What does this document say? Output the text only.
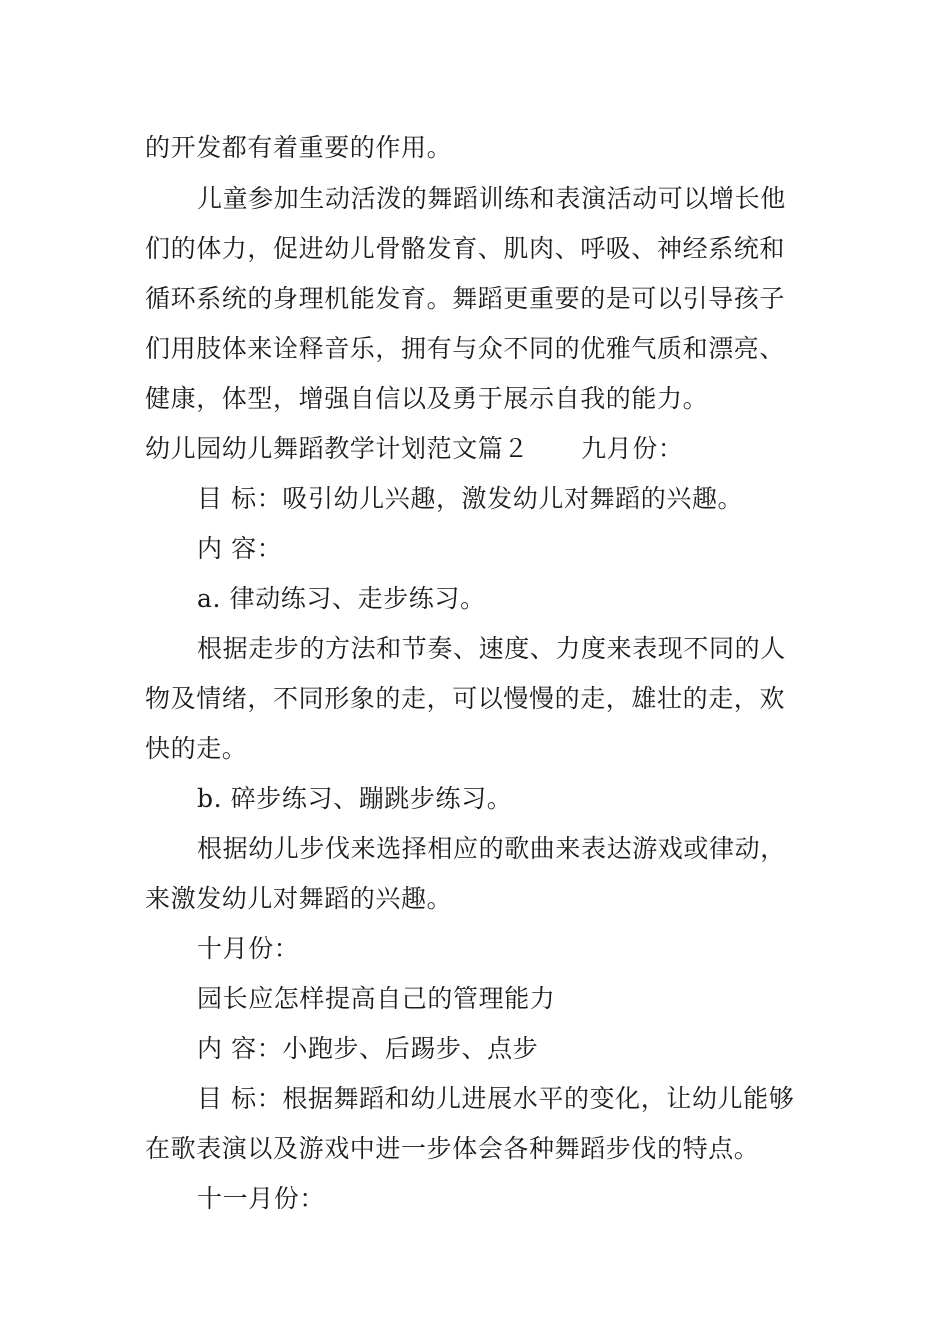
的开发都有着重要的作用。
儿童参加生动活泼的舞蹈训练和表演活动可以增长他
们的体力，促进幼儿骨骼发育、肌肉、呼吸、神经系统和
循环系统的身理机能发育。舞蹈更重要的是可以引导孩子
们用肢体来诠释音乐，拥有与众不同的优雅气质和漂亮、
健康，体型，增强自信以及勇于展示自我的能力。
幼儿园幼儿舞蹈教学计划范文篇２ 九月份：
目 标：吸引幼儿兴趣，激发幼儿对舞蹈的兴趣。
内 容：
a. 律动练习、走步练习。
根据走步的方法和节奏、速度、力度来表现不同的人
物及情绪，不同形象的走，可以慢慢的走，雄壮的走，欢
快的走。
b. 碎步练习、蹦跳步练习。
根据幼儿步伐来选择相应的歌曲来表达游戏或律动，
来激发幼儿对舞蹈的兴趣。
十月份：
园长应怎样提高自己的管理能力
内 容：小跑步、后踢步、点步
目 标：根据舞蹈和幼儿进展水平的变化，让幼儿能够
在歌表演以及游戏中进一步体会各种舞蹈步伐的特点。
十一月份：
